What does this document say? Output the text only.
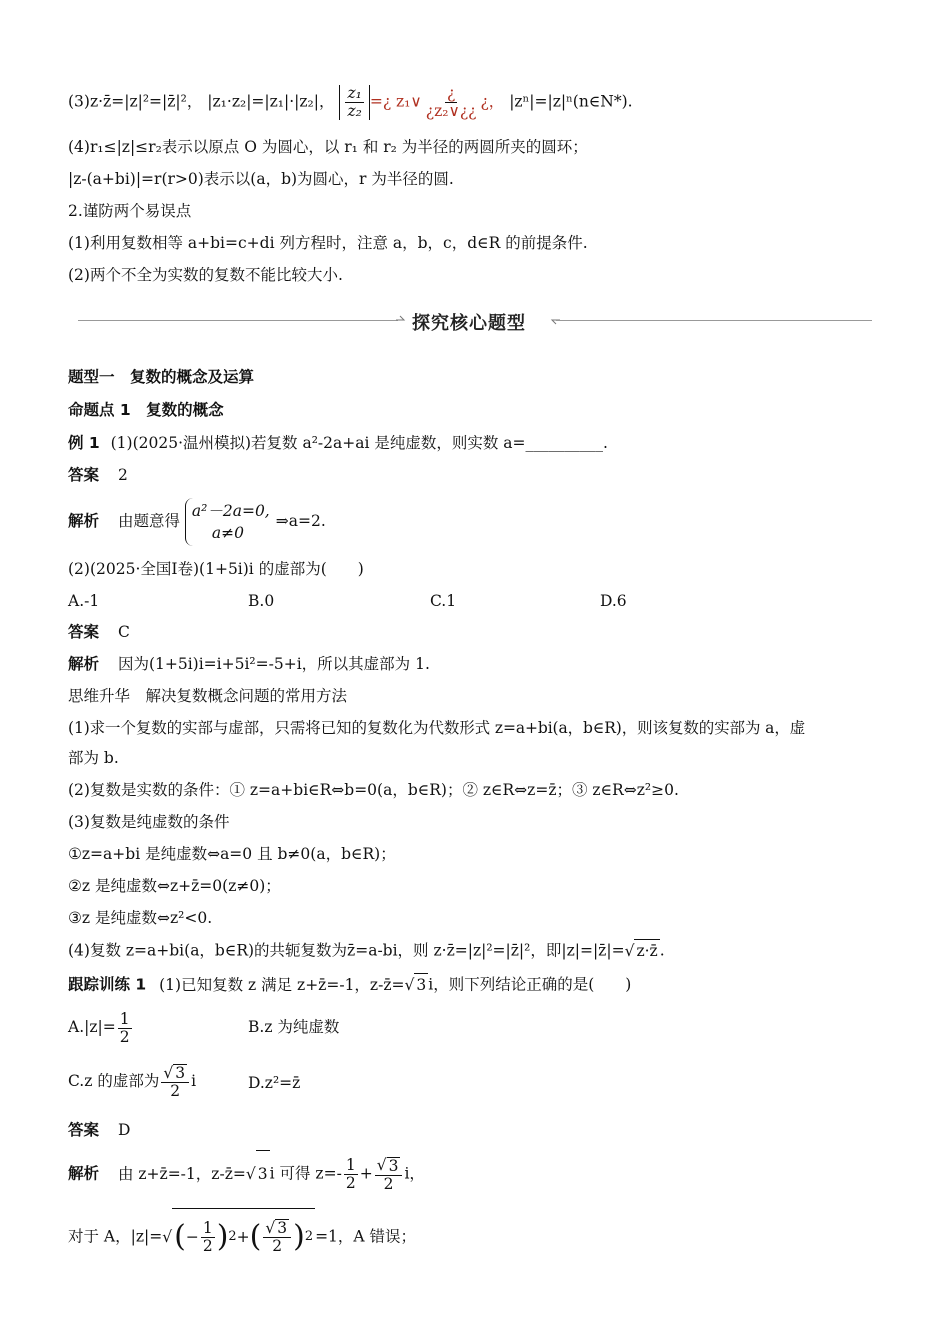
(3)z·z̄=|z|²=|z̄|²， |z₁·z₂|=|z₁|·|z₂|， $\frac{\text{z₁}}{\text{z₂}}$ =¿ z₁∨ $\frac{¿}{\text{¿z₂∨¿¿}}$ ¿， |zⁿ|=|z|ⁿ(n∈N*).
(4)r₁≤|z|≤r₂表示以原点 O 为圆心，以 r₁ 和 r₂ 为半径的两圆所夹的圆环；
|z-(a+bi)|=r(r>0)表示以(a，b)为圆心，r 为半径的圆.
2.谨防两个易误点
(1)利用复数相等 a+bi=c+di 列方程时，注意 a，b，c，d∈R 的前提条件.
(2)两个不全为实数的复数不能比较大小.
探究核心题型
题型一　复数的概念及运算
命题点 1　复数的概念
例 1 (1)(2025·温州模拟)若复数 a²-2a+ai 是纯虚数，则实数 a=__________.
答案 2
解析 由题意得 a²－2a=0,
a≠0⇒a=2.
(2)(2025·全国Ⅰ卷)(1+5i)i 的虚部为(　　)
A.-1	B.0	C.1	D.6
答案 C
解析 因为(1+5i)i=i+5i²=-5+i，所以其虚部为 1.
思维升华　解决复数概念问题的常用方法
(1)求一个复数的实部与虚部，只需将已知的复数化为代数形式 z=a+bi(a，b∈R)，则该复数的实部为 a，虚
部为 b.
(2)复数是实数的条件：① z=a+bi∈R⇔b=0(a，b∈R)；② z∈R⇔z=z̄；③ z∈R⇔z²≥0.
(3)复数是纯虚数的条件
①z=a+bi 是纯虚数⇔a=0 且 b≠0(a，b∈R)；
②z 是纯虚数⇔z+z̄=0(z≠0)；
③z 是纯虚数⇔z²<0.
(4)复数 z=a+bi(a，b∈R)的共轭复数为z̄=a-bi，则 z·z̄=|z|²=|z̄|²，即|z|=|z̄|=√ z·z̄ .
跟踪训练 1 (1)已知复数 z 满足 z+z̄=-1，z-z̄=√ 3 i，则下列结论正确的是(　　)
$A.|z|= \frac{1}{2}$	B.z 为纯虚数
C.z 的虚部为 $\frac{√ 3}{2}$ i	D.z²=z̄
答案 D
解析 由 z+z̄=-1，z-z̄=√ 3 i 可得 $z=- \frac{1}{2} + \frac{√ 3}{2}$ i，
对于 A，|z|=√ ( − $\frac{1}{2}$ ) 2 + ( $\frac{√ 3}{2}$ ) 2 =1，A 错误；
